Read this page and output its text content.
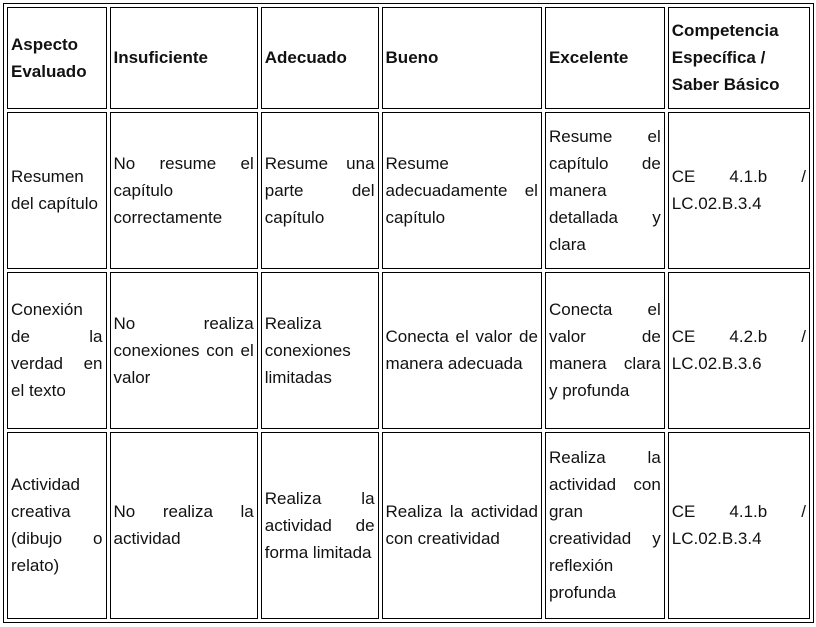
Aspecto Evaluado	Insuficiente	Adecuado	Bueno	Excelente	Competencia Específica / Saber Básico
Resumen del capítulo	No resume el capítulo correctamente	Resume una parte del capítulo	Resume adecuadamente el capítulo	Resume el capítulo de manera detallada y clara	CE 4.1.b / LC.02.B.3.4
Conexión de la verdad en el texto	No realiza conexiones con el valor	Realiza conexiones limitadas	Conecta el valor de manera adecuada	Conecta el valor de manera clara y profunda	CE 4.2.b / LC.02.B.3.6
Actividad creativa (dibujo o relato)	No realiza la actividad	Realiza la actividad de forma limitada	Realiza la actividad con creatividad	Realiza la actividad con gran creatividad y reflexión profunda	CE 4.1.b / LC.02.B.3.4
